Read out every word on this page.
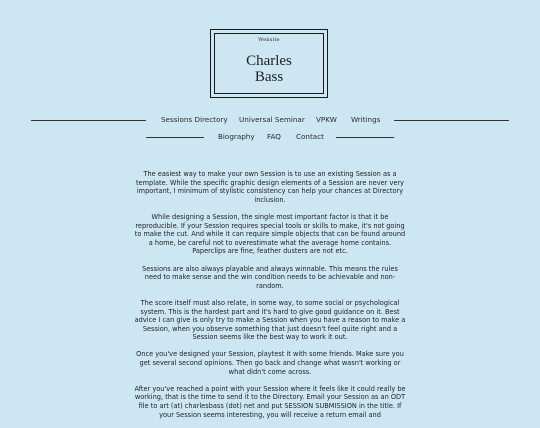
Website
Charles
Bass
Sessions Directory Universal Seminar VPKW Writings
Biography FAQ Contact

The easiest way to make your own Session is to use an existing Session as a template. While the specific graphic design elements of a Session are never very important, I minimum of stylistic consistency can help your chances at Directory inclusion.

While designing a Session, the single most important factor is that it be reproducible. If your Session requires special tools or skills to make, it's not going to make the cut. And while it can require simple objects that can be found around a home, be careful not to overestimate what the average home contains. Paperclips are fine, feather dusters are not etc.

Sessions are also always playable and always winnable. This means the rules need to make sense and the win condition needs to be achievable and non-random.

The score itself must also relate, in some way, to some social or psychological system. This is the hardest part and it's hard to give good guidance on it. Best advice I can give is only try to make a Session when you have a reason to make a Session, when you observe something that just doesn't feel quite right and a Session seems like the best way to work it out.

Once you've designed your Session, playtest it with some friends. Make sure you get several second opinions. Then go back and change what wasn't working or what didn't come across.

After you've reached a point with your Session where it feels like it could really be working, that is the time to send it to the Directory. Email your Session as an ODT file to art (at) charlesbass (dot) net and put SESSION SUBMISSION in the title. If your Session seems interesting, you will receive a return email and
